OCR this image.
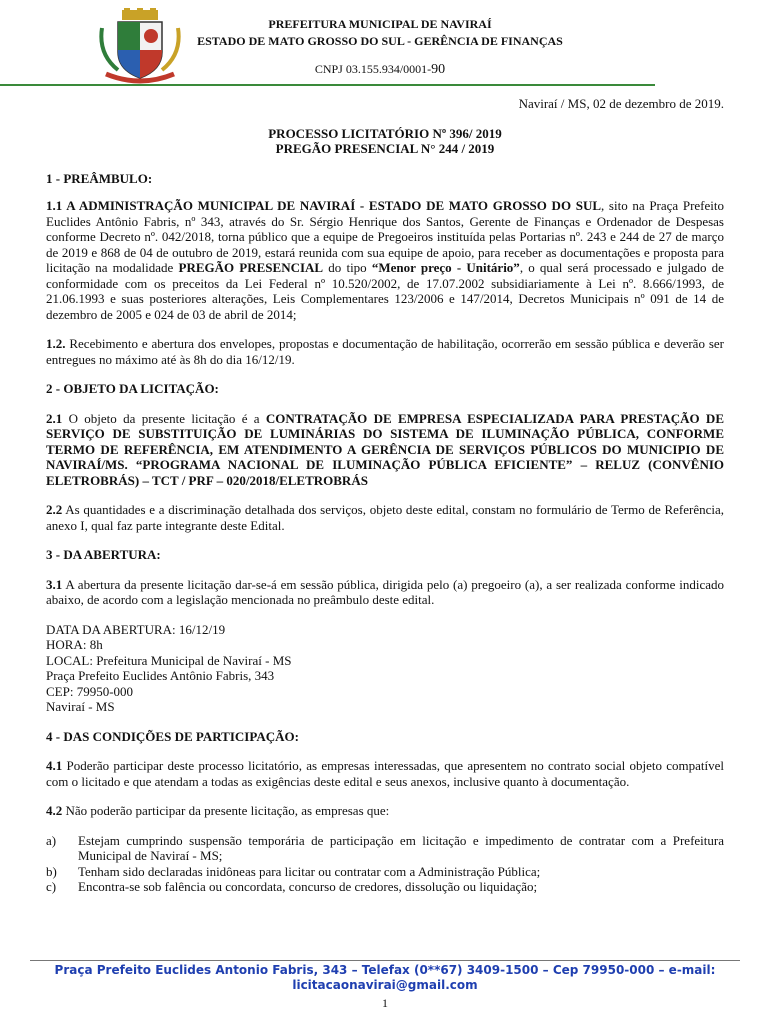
PREFEITURA MUNICIPAL DE NAVIRAÍ
ESTADO DE MATO GROSSO DO SUL - GERÊNCIA DE FINANÇAS
CNPJ 03.155.934/0001-90

Naviraí / MS, 02 de dezembro de 2019.

PROCESSO LICITATÓRIO Nº 396/ 2019

PREGÃO PRESENCIAL N° 244 / 2019

1 - PREÂMBULO:

1.1 A ADMINISTRAÇÃO MUNICIPAL DE NAVIRAÍ - ESTADO DE MATO GROSSO DO SUL, sito na Praça Prefeito Euclides Antônio Fabris, nº 343, através do Sr. Sérgio Henrique dos Santos, Gerente de Finanças e Ordenador de Despesas conforme Decreto nº. 042/2018, torna público que a equipe de Pregoeiros instituída pelas Portarias nº. 243 e 244 de 27 de março de 2019 e 868 de 04 de outubro de 2019, estará reunida com sua equipe de apoio, para receber as documentações e proposta para licitação na modalidade PREGÃO PRESENCIAL do tipo “Menor preço - Unitário”, o qual será processado e julgado de conformidade com os preceitos da Lei Federal nº 10.520/2002, de 17.07.2002 subsidiariamente à Lei nº. 8.666/1993, de 21.06.1993 e suas posteriores alterações, Leis Complementares 123/2006 e 147/2014, Decretos Municipais nº 091 de 14 de dezembro de 2005 e 024 de 03 de abril de 2014;

1.2. Recebimento e abertura dos envelopes, propostas e documentação de habilitação, ocorrerão em sessão pública e deverão ser entregues no máximo até às 8h do dia 16/12/19.

2 - OBJETO DA LICITAÇÃO:

2.1 O objeto da presente licitação é a CONTRATAÇÃO DE EMPRESA ESPECIALIZADA PARA PRESTAÇÃO DE SERVIÇO DE SUBSTITUIÇÃO DE LUMINÁRIAS DO SISTEMA DE ILUMINAÇÃO PÚBLICA, CONFORME TERMO DE REFERÊNCIA, EM ATENDIMENTO A GERÊNCIA DE SERVIÇOS PÚBLICOS DO MUNICIPIO DE NAVIRAÍ/MS. “PROGRAMA NACIONAL DE ILUMINAÇÃO PÚBLICA EFICIENTE” – RELUZ (CONVÊNIO ELETROBRÁS) – TCT / PRF – 020/2018/ELETROBRÁS

2.2 As quantidades e a discriminação detalhada dos serviços, objeto deste edital, constam no formulário de Termo de Referência, anexo I, qual faz parte integrante deste Edital.

3 - DA ABERTURA:

3.1 A abertura da presente licitação dar-se-á em sessão pública, dirigida pelo (a) pregoeiro (a), a ser realizada conforme indicado abaixo, de acordo com a legislação mencionada no preâmbulo deste edital.

DATA DA ABERTURA: 16/12/19
HORA: 8h
LOCAL: Prefeitura Municipal de Naviraí - MS
Praça Prefeito Euclides Antônio Fabris, 343
CEP: 79950-000
Naviraí - MS

4 - DAS CONDIÇÕES DE PARTICIPAÇÃO:

4.1 Poderão participar deste processo licitatório, as empresas interessadas, que apresentem no contrato social objeto compatível com o licitado e que atendam a todas as exigências deste edital e seus anexos, inclusive quanto à documentação.

4.2 Não poderão participar da presente licitação, as empresas que:

a)	Estejam cumprindo suspensão temporária de participação em licitação e impedimento de contratar com a Prefeitura Municipal de Naviraí - MS;
b)	Tenham sido declaradas inidôneas para licitar ou contratar com a Administração Pública;
c)	Encontra-se sob falência ou concordata, concurso de credores, dissolução ou liquidação;
Praça Prefeito Euclides Antonio Fabris, 343 – Telefax (0**67) 3409-1500 – Cep 79950-000 – e-mail:
licitacaonavirai@gmail.com
1
